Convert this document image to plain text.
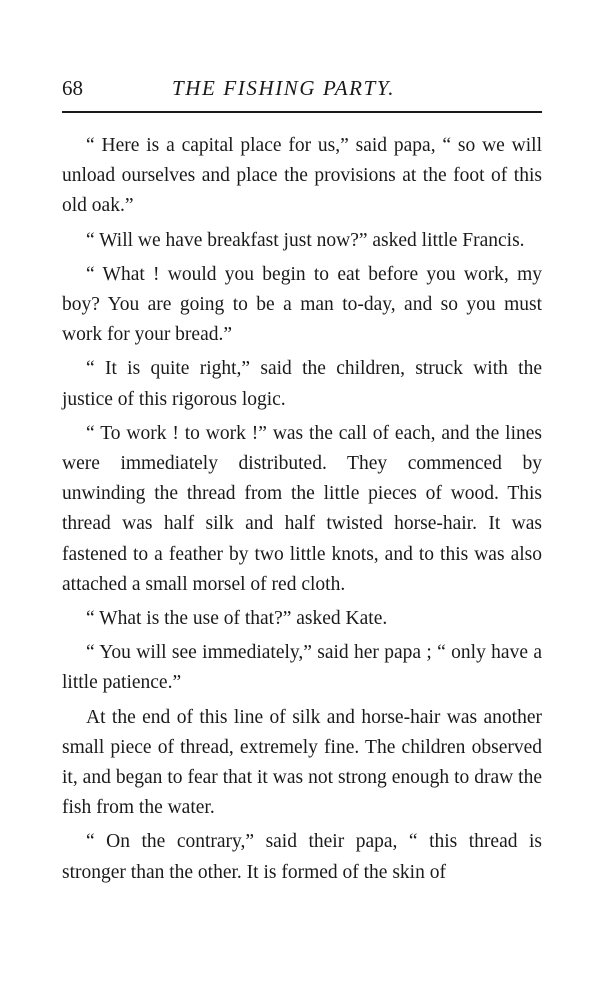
68	THE FISHING PARTY.

“ Here is a capital place for us,” said papa, “ so we will unload ourselves and place the provisions at the foot of this old oak.”

“ Will we have breakfast just now?” asked little Francis.

“ What ! would you begin to eat before you work, my boy? You are going to be a man to-day, and so you must work for your bread.”

“ It is quite right,” said the children, struck with the justice of this rigorous logic.

“ To work ! to work !” was the call of each, and the lines were immediately distributed. They commenced by unwinding the thread from the little pieces of wood. This thread was half silk and half twisted horse-hair. It was fastened to a feather by two little knots, and to this was also attached a small morsel of red cloth.

“ What is the use of that?” asked Kate.

“ You will see immediately,” said her papa ; “ only have a little patience.”

At the end of this line of silk and horse-hair was another small piece of thread, extremely fine. The children observed it, and began to fear that it was not strong enough to draw the fish from the water.

“ On the contrary,” said their papa, “ this thread is stronger than the other. It is formed of the skin of
